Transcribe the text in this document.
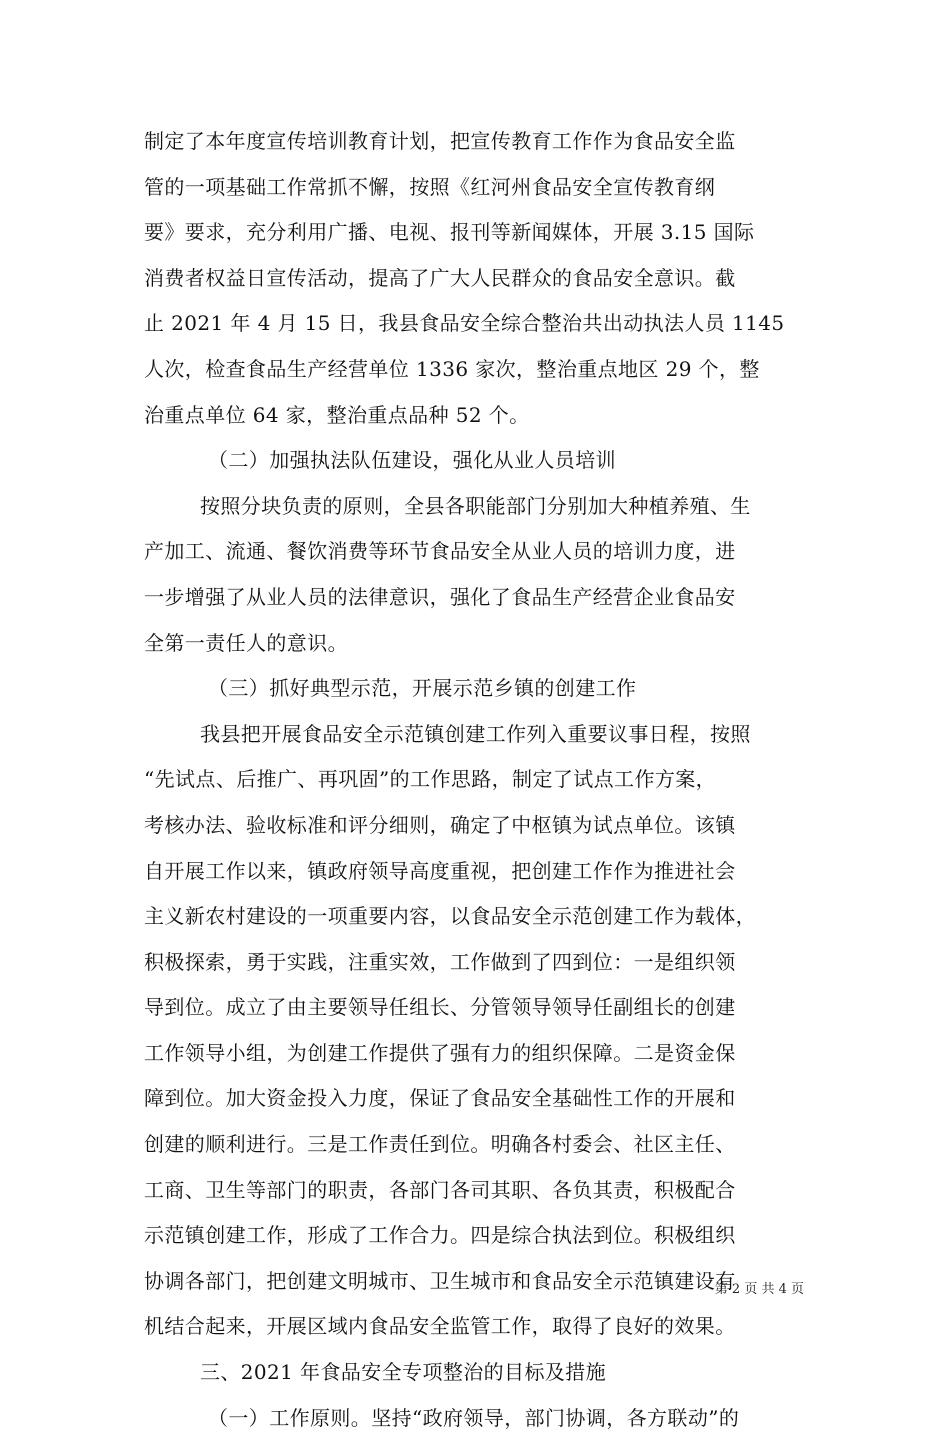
制定了本年度宣传培训教育计划，把宣传教育工作作为食品安全监
管的一项基础工作常抓不懈，按照《红河州食品安全宣传教育纲
要》要求，充分利用广播、电视、报刊等新闻媒体，开展 3.15 国际
消费者权益日宣传活动，提高了广大人民群众的食品安全意识。截
止 2021 年 4 月 15 日，我县食品安全综合整治共出动执法人员 1145
人次，检查食品生产经营单位 1336 家次，整治重点地区 29 个，整
治重点单位 64 家，整治重点品种 52 个。
（二）加强执法队伍建设，强化从业人员培训
按照分块负责的原则，全县各职能部门分别加大种植养殖、生
产加工、流通、餐饮消费等环节食品安全从业人员的培训力度，进
一步增强了从业人员的法律意识，强化了食品生产经营企业食品安
全第一责任人的意识。
（三）抓好典型示范，开展示范乡镇的创建工作
我县把开展食品安全示范镇创建工作列入重要议事日程，按照
“先试点、后推广、再巩固”的工作思路，制定了试点工作方案，
考核办法、验收标准和评分细则，确定了中枢镇为试点单位。该镇
自开展工作以来，镇政府领导高度重视，把创建工作作为推进社会
主义新农村建设的一项重要内容，以食品安全示范创建工作为载体，
积极探索，勇于实践，注重实效，工作做到了四到位：一是组织领
导到位。成立了由主要领导任组长、分管领导领导任副组长的创建
工作领导小组，为创建工作提供了强有力的组织保障。二是资金保
障到位。加大资金投入力度，保证了食品安全基础性工作的开展和
创建的顺利进行。三是工作责任到位。明确各村委会、社区主任、
工商、卫生等部门的职责，各部门各司其职、各负其责，积极配合
示范镇创建工作，形成了工作合力。四是综合执法到位。积极组织
协调各部门，把创建文明城市、卫生城市和食品安全示范镇建设有
机结合起来，开展区域内食品安全监管工作，取得了良好的效果。
三、2021 年食品安全专项整治的目标及措施
（一）工作原则。坚持“政府领导，部门协调，各方联动”的
第 2 页 共 4 页
